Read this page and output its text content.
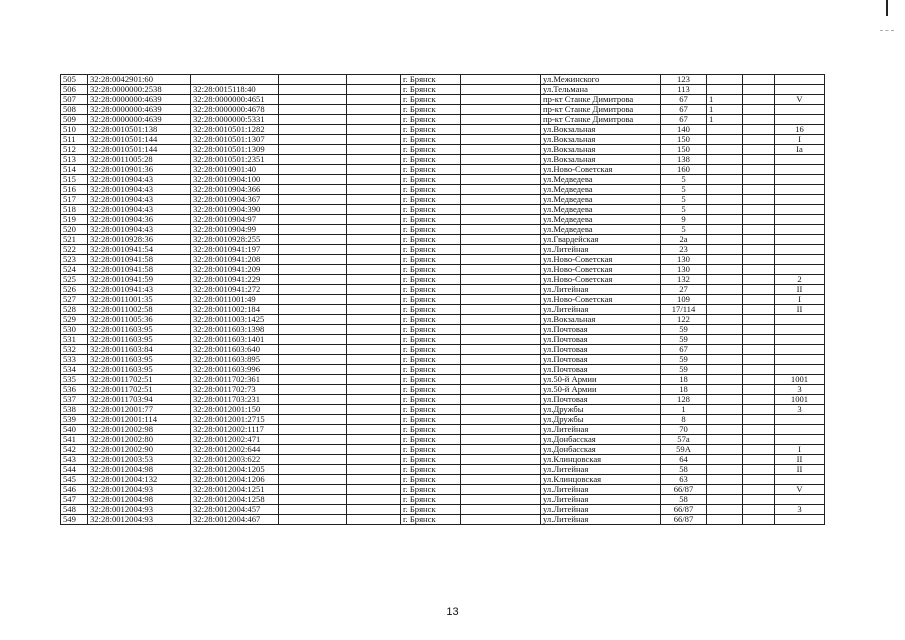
505	32:28:0042901:60				г. Брянск		ул.Межинского	123			
506	32:28:0000000:2538	32:28:0015118:40			г. Брянск		ул.Тельмана	113			
507	32:28:0000000:4639	32:28:0000000:4651			г. Брянск		пр-кт Станке Димитрова	67	1		V
508	32:28:0000000:4639	32:28:0000000:4678			г. Брянск		пр-кт Станке Димитрова	67	1		
509	32:28:0000000:4639	32:28:0000000:5331			г. Брянск		пр-кт Станке Димитрова	67	1		
510	32:28:0010501:138	32:28:0010501:1282			г. Брянск		ул.Вокзальная	140			16
511	32:28:0010501:144	32:28:0010501:1307			г. Брянск		ул.Вокзальная	150			I
512	32:28:0010501:144	32:28:0010501:1309			г. Брянск		ул.Вокзальная	150			Ia
513	32:28:0011005:28	32:28:0010501:2351			г. Брянск		ул.Вокзальная	138			
514	32:28:0010901:36	32:28:0010901:40			г. Брянск		ул.Ново-Советская	160			
515	32:28:0010904:43	32:28:0010904:100			г. Брянск		ул.Медведева	5			
516	32:28:0010904:43	32:28:0010904:366			г. Брянск		ул.Медведева	5			
517	32:28:0010904:43	32:28:0010904:367			г. Брянск		ул.Медведева	5			
518	32:28:0010904:43	32:28:0010904:390			г. Брянск		ул.Медведева	5			
519	32:28:0010904:36	32:28:0010904:97			г. Брянск		ул.Медведева	9			
520	32:28:0010904:43	32:28:0010904:99			г. Брянск		ул.Медведева	5			
521	32:28:0010928:36	32:28:0010928:255			г. Брянск		ул.Гвардейская	2а			
522	32:28:0010941:54	32:28:0010941:197			г. Брянск		ул.Литейная	23			
523	32:28:0010941:58	32:28:0010941:208			г. Брянск		ул.Ново-Советская	130			
524	32:28:0010941:58	32:28:0010941:209			г. Брянск		ул.Ново-Советская	130			
525	32:28:0010941:59	32:28:0010941:229			г. Брянск		ул.Ново-Советская	132			2
526	32:28:0010941:43	32:28:0010941:272			г. Брянск		ул.Литейная	27			II
527	32:28:0011001:35	32:28:0011001:49			г. Брянск		ул.Ново-Советская	109			I
528	32:28:0011002:58	32:28:0011002:184			г. Брянск		ул.Литейная	17/114			II
529	32:28:0011005:36	32:28:0011003:1425			г. Брянск		ул.Вокзальная	122			
530	32:28:0011603:95	32:28:0011603:1398			г. Брянск		ул.Почтовая	59			
531	32:28:0011603:95	32:28:0011603:1401			г. Брянск		ул.Почтовая	59			
532	32:28:0011603:84	32:28:0011603:640			г. Брянск		ул.Почтовая	67			
533	32:28:0011603:95	32:28:0011603:895			г. Брянск		ул.Почтовая	59			
534	32:28:0011603:95	32:28:0011603:996			г. Брянск		ул.Почтовая	59			
535	32:28:0011702:51	32:28:0011702:361			г. Брянск		ул.50-й Армии	18			1001
536	32:28:0011702:51	32:28:0011702:73			г. Брянск		ул.50-й Армии	18			3
537	32:28:0011703:94	32:28:0011703:231			г. Брянск		ул.Почтовая	128			1001
538	32:28:0012001:77	32:28:0012001:150			г. Брянск		ул.Дружбы	1			3
539	32:28:0012001:114	32:28:0012001:2715			г. Брянск		ул.Дружбы	8			
540	32:28:0012002:98	32:28:0012002:1117			г. Брянск		ул.Литейная	70			
541	32:28:0012002:80	32:28:0012002:471			г. Брянск		ул.Донбасская	57а			
542	32:28:0012002:90	32:28:0012002:644			г. Брянск		ул.Донбасская	59А			I
543	32:28:0012003:53	32:28:0012003:622			г. Брянск		ул.Клинцовская	64			II
544	32:28:0012004:98	32:28:0012004:1205			г. Брянск		ул.Литейная	58			II
545	32:28:0012004:132	32:28:0012004:1206			г. Брянск		ул.Клинцовская	63			
546	32:28:0012004:93	32:28:0012004:1251			г. Брянск		ул.Литейная	66/87			V
547	32:28:0012004:98	32:28:0012004:1258			г. Брянск		ул.Литейная	58			
548	32:28:0012004:93	32:28:0012004:457			г. Брянск		ул.Литейная	66/87			3
549	32:28:0012004:93	32:28:0012004:467			г. Брянск		ул.Литейная	66/87			
13
